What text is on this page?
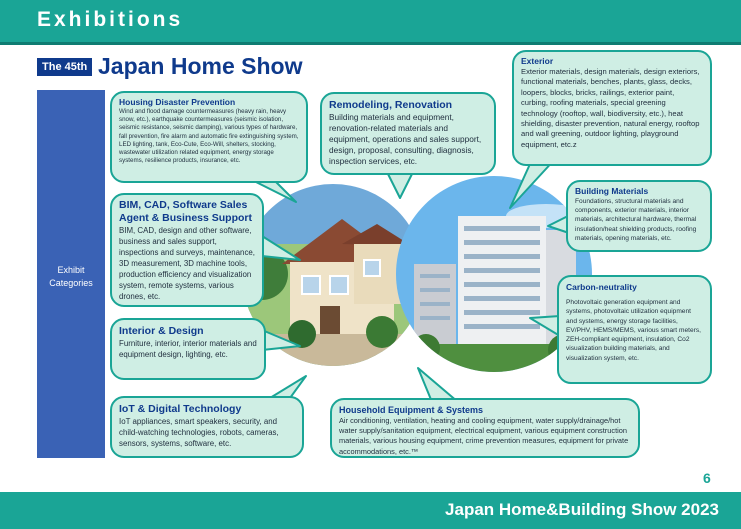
Exhibitions
The 45th Japan Home Show
Exhibit
Categories
Housing Disaster Prevention
Wind and flood damage countermeasures (heavy rain, heavy snow, etc.), earthquake countermeasures (seismic isolation, seismic resistance, seismic damping), various types of hardware, fall prevention, fire alarm and automatic fire extinguishing system, LED lighting, tank, Eco-Cute, Eco-Will, shelters, stocking, wastewater utilization related equipment, energy storage systems, resilience products, insurance, etc.
Remodeling, Renovation
Building materials and equipment, renovation-related materials and equipment, operations and sales support, design, proposal, consulting, diagnosis, inspection services, etc.
Exterior
Exterior materials, design materials, design exteriors, functional materials, benches, plants, glass, decks, loopers, blocks, bricks, railings, exterior paint, curbing, roofing materials, special greening technology (rooftop, wall, biodiversity, etc.), heat shielding, disaster prevention, natural energy, rooftop and wall greening, outdoor lighting, playground equipment, etc.z
BIM, CAD, Software Sales Agent & Business Support
BIM, CAD, design and other software, business and sales support, inspections and surveys, maintenance, 3D measurement, 3D machine tools, production efficiency and visualization system, remote systems, various drones, etc.
Building Materials
Foundations, structural materials and components, exterior materials, interior materials, architectural hardware, thermal insulation/heat shielding products, roofing materials, opening materials, etc.
Carbon-neutrality
Photovoltaic generation equipment and systems, photovoltaic utilization equipment and systems, energy storage facilities, EV/PHV, HEMS/MEMS, various smart meters, ZEH-compliant equipment, insulation, Co2 visualization building materials, and visualization system, etc.
Interior & Design
Furniture, interior, interior materials and equipment design, lighting, etc.
IoT & Digital Technology
IoT appliances, smart speakers, security, and child-watching technologies, robots, cameras, sensors, systems, software, etc.
Household Equipment & Systems
Air conditioning, ventilation, heating and cooling equipment, water supply/drainage/hot water supply/sanitation equipment, electrical equipment, various equipment construction materials, various housing equipment, crime prevention measures, equipment for private accommodations, etc.™
6
Japan Home&Building Show 2023
